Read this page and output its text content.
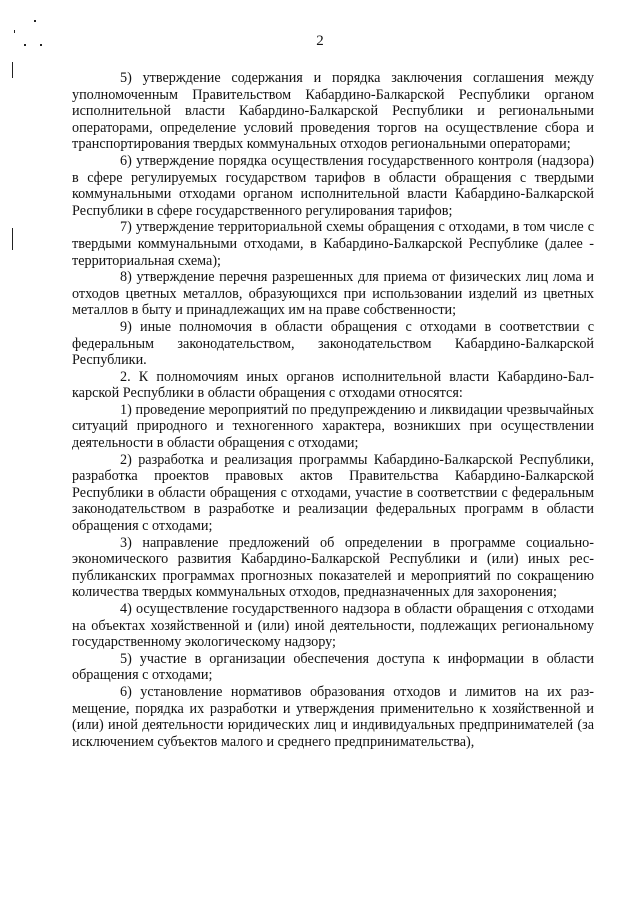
2

5) утверждение содержания и порядка заключения соглашения между уполномоченным Правительством Кабардино-Балкарской Республики органом исполнительной власти Кабардино-Балкарской Республики и региональными операторами, определение условий проведения торгов на осуществление сбора и транспортирования твердых коммунальных отходов региональными операторами;

6) утверждение порядка осуществления государственного контроля (надзора) в сфере регулируемых государством тарифов в области обращения с твердыми коммунальными отходами органом исполнительной власти Кабардино-Балкарской Республики в сфере государственного регулирования тарифов;

7) утверждение территориальной схемы обращения с отходами, в том числе с твердыми коммунальными отходами, в Кабардино-Балкарской Республике (далее - территориальная схема);

8) утверждение перечня разрешенных для приема от физических лиц лома и отходов цветных металлов, образующихся при использовании изделий из цветных металлов в быту и принадлежащих им на праве собственности;

9) иные полномочия в области обращения с отходами в соответствии с федеральным законодательством, законодательством Кабардино-Балкарской Республики.

2. К полномочиям иных органов исполнительной власти Кабардино-Балкарской Республики в области обращения с отходами относятся:

1) проведение мероприятий по предупреждению и ликвидации чрезвычайных ситуаций природного и техногенного характера, возникших при осуществлении деятельности в области обращения с отходами;

2) разработка и реализация программы Кабардино-Балкарской Республики, разработка проектов правовых актов Правительства Кабардино-Балкарской Республики в области обращения с отходами, участие в соответствии с федеральным законодательством в разработке и реализации федеральных программ в области обращения с отходами;

3) направление предложений об определении в программе социально-экономического развития Кабардино-Балкарской Республики и (или) иных республиканских программах прогнозных показателей и мероприятий по сокращению количества твердых коммунальных отходов, предназначенных для захоронения;

4) осуществление государственного надзора в области обращения с отходами на объектах хозяйственной и (или) иной деятельности, подлежащих региональному государственному экологическому надзору;

5) участие в организации обеспечения доступа к информации в области обращения с отходами;

6) установление нормативов образования отходов и лимитов на их размещение, порядка их разработки и утверждения применительно к хозяйственной и (или) иной деятельности юридических лиц и индивидуальных предпринимателей (за исключением субъектов малого и среднего предпринимательства),
